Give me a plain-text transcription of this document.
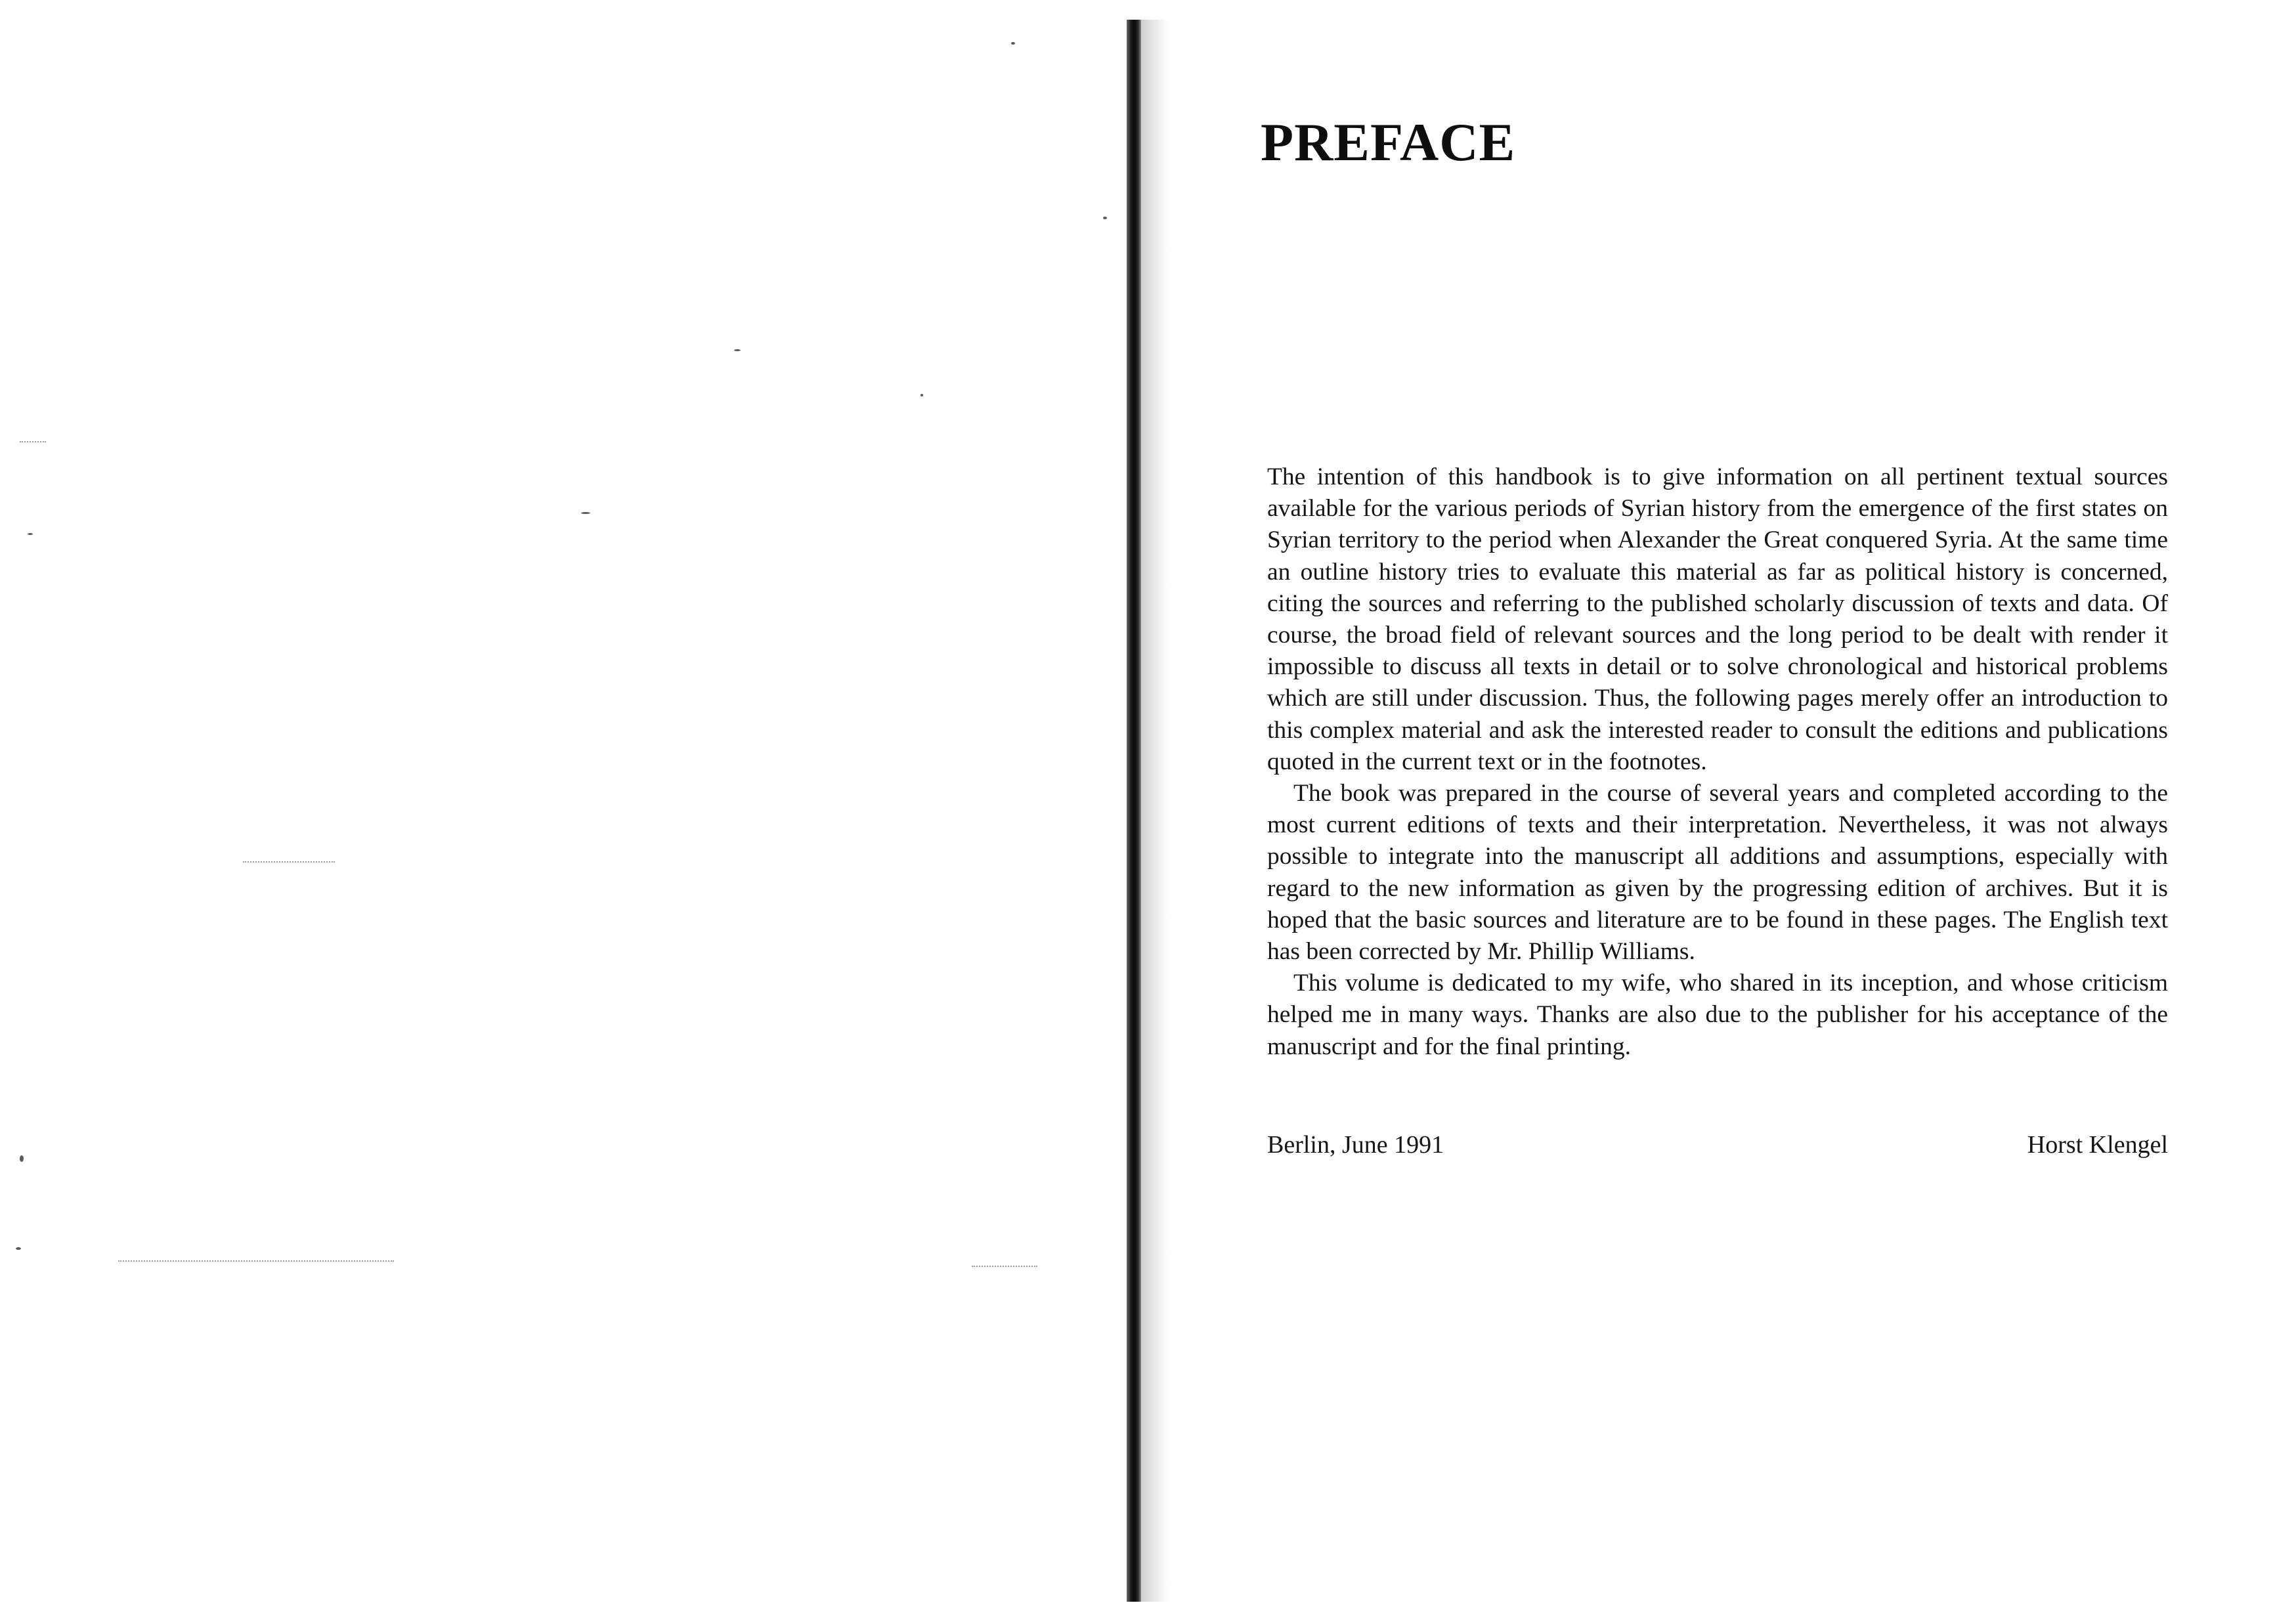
PREFACE

The intention of this handbook is to give information on all pertinent textual sources available for the various periods of Syrian history from the emergence of the first states on Syrian territory to the period when Alexander the Great conquered Syria. At the same time an outline history tries to evaluate this material as far as political history is concerned, citing the sources and referring to the published scholarly discussion of texts and data. Of course, the broad field of relevant sources and the long period to be dealt with render it impossible to discuss all texts in detail or to solve chronological and historical problems which are still under discussion. Thus, the following pages merely offer an introduction to this complex material and ask the interested reader to consult the editions and publications quoted in the current text or in the footnotes.

The book was prepared in the course of several years and completed according to the most current editions of texts and their interpretation. Nevertheless, it was not always possible to integrate into the manuscript all additions and assumptions, especially with regard to the new information as given by the progressing edition of archives. But it is hoped that the basic sources and literature are to be found in these pages. The English text has been corrected by Mr. Phillip Williams.

This volume is dedicated to my wife, who shared in its inception, and whose criticism helped me in many ways. Thanks are also due to the publisher for his acceptance of the manuscript and for the final printing.

Berlin, June 1991	Horst Klengel
